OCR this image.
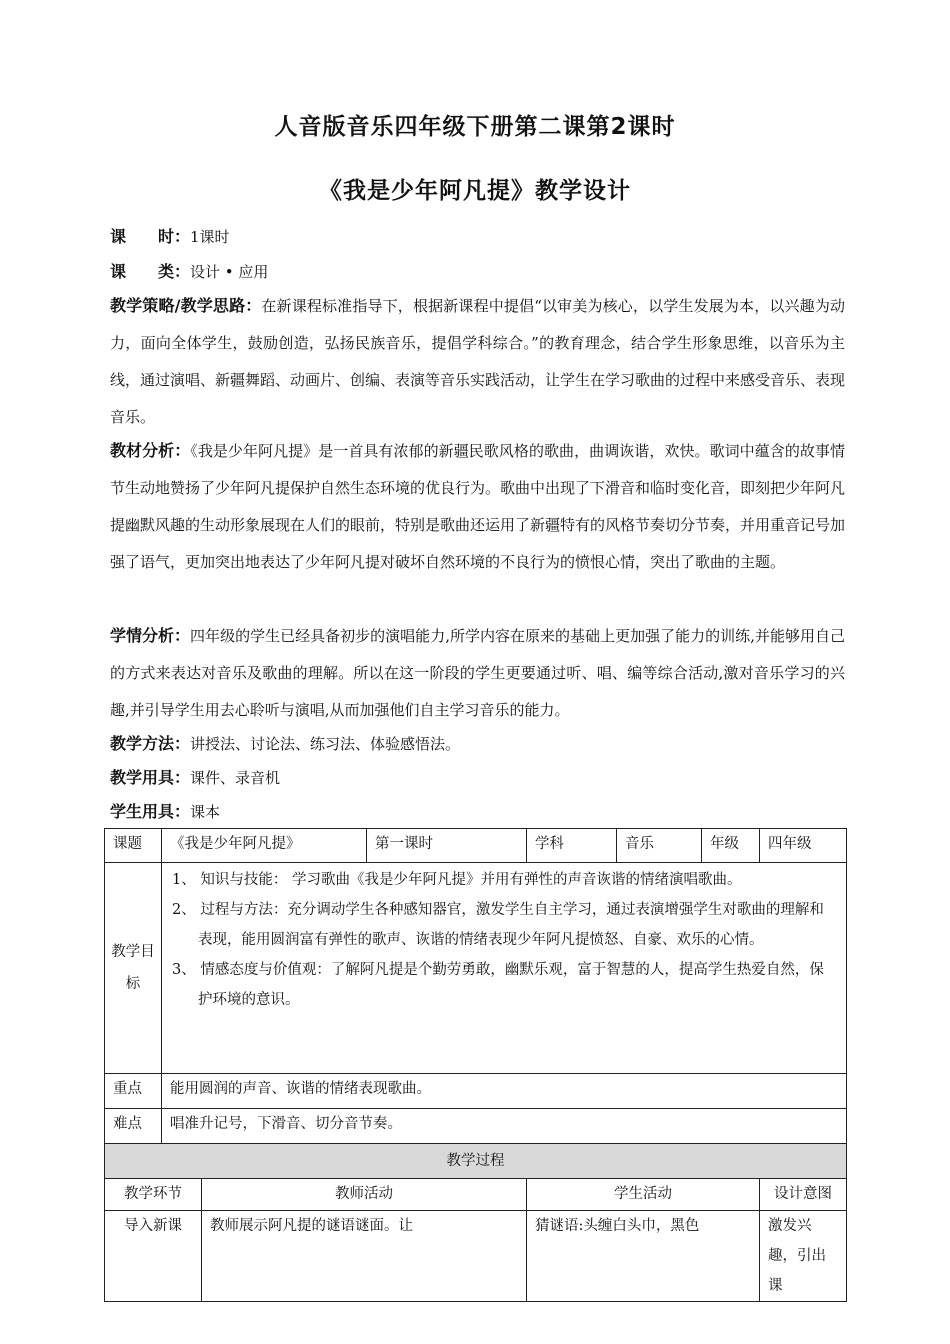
人音版音乐四年级下册第二课第2课时
《我是少年阿凡提》教学设计
课　　时：1课时
课　　类：设计 • 应用
教学策略/教学思路：在新课程标准指导下，根据新课程中提倡“以审美为核心，以学生发展为本，以兴趣为动力，面向全体学生，鼓励创造，弘扬民族音乐，提倡学科综合。”的教育理念，结合学生形象思维，以音乐为主线，通过演唱、新疆舞蹈、动画片、创编、表演等音乐实践活动，让学生在学习歌曲的过程中来感受音乐、表现音乐。
教材分析：《我是少年阿凡提》是一首具有浓郁的新疆民歌风格的歌曲，曲调诙谐，欢快。歌词中蕴含的故事情节生动地赞扬了少年阿凡提保护自然生态环境的优良行为。歌曲中出现了下滑音和临时变化音，即刻把少年阿凡提幽默风趣的生动形象展现在人们的眼前，特别是歌曲还运用了新疆特有的风格节奏切分节奏，并用重音记号加强了语气，更加突出地表达了少年阿凡提对破坏自然环境的不良行为的愤恨心情，突出了歌曲的主题。
学情分析：四年级的学生已经具备初步的演唱能力,所学内容在原来的基础上更加强了能力的训练,并能够用自己的方式来表达对音乐及歌曲的理解。所以在这一阶段的学生更要通过听、唱、编等综合活动,激对音乐学习的兴趣,并引导学生用去心聆听与演唱,从而加强他们自主学习音乐的能力。
教学方法：讲授法、讨论法、练习法、体验感悟法。
教学用具：课件、录音机
学生用具：课本
课题	《我是少年阿凡提》		第一课时	学科	音乐	年级	四年级
教学目标	1、 知识与技能： 学习歌曲《我是少年阿凡提》并用有弹性的声音诙谐的情绪演唱歌曲。
2、 过程与方法：充分调动学生各种感知器官，激发学生自主学习，通过表演增强学生对歌曲的理解和表现，能用圆润富有弹性的歌声、诙谐的情绪表现少年阿凡提愤怒、自豪、欢乐的心情。
3、 情感态度与价值观：了解阿凡提是个勤劳勇敢，幽默乐观，富于智慧的人，提高学生热爱自然，保护环境的意识。						

重点	能用圆润的声音、诙谐的情绪表现歌曲。						
难点	唱准升记号，下滑音、切分音节奏。						
教学过程							
教学环节		教师活动		学生活动			设计意图
导入新课		教师展示阿凡提的谜语谜面。让		猜谜语:头缠白头巾，黑色			激发兴趣，引出课
